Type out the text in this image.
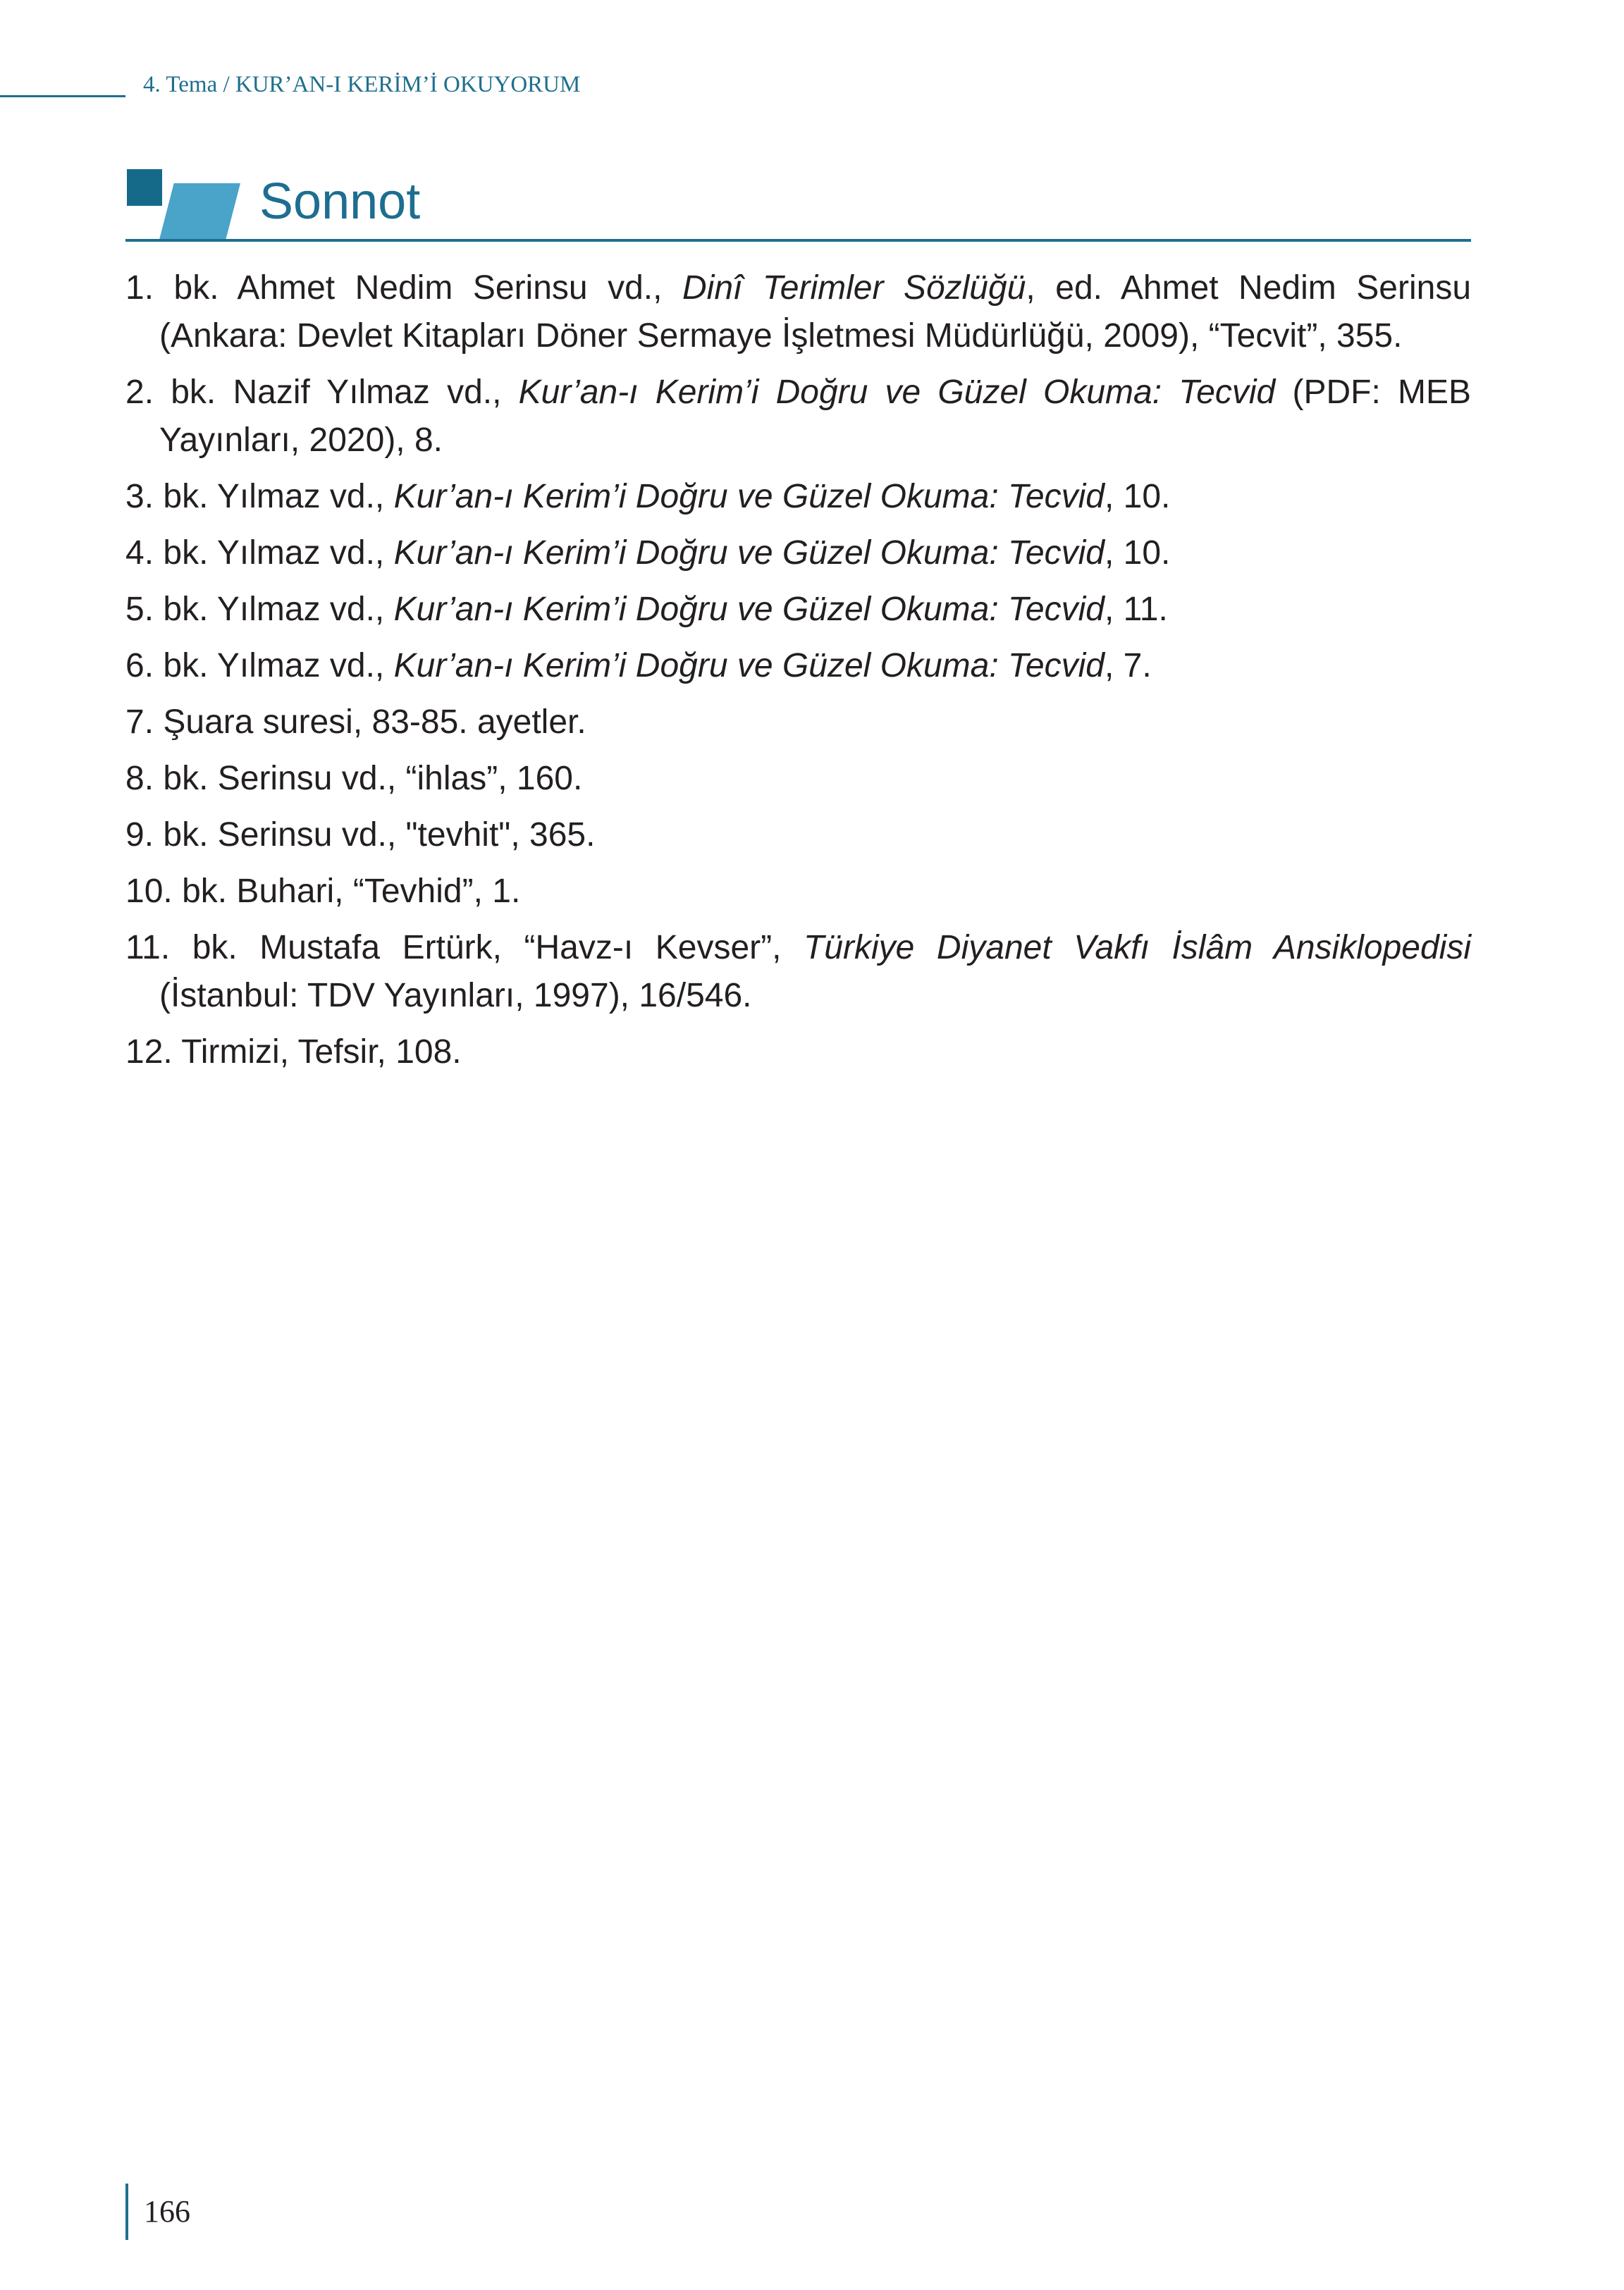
4. Tema / KUR’AN-I KERİM’İ OKUYORUM
Sonnot
1. bk. Ahmet Nedim Serinsu vd., Dinî Terimler Sözlüğü, ed. Ahmet Nedim Serinsu (Ankara: Devlet Kitapları Döner Sermaye İşletmesi Müdürlüğü, 2009), “Tecvit”, 355.
2. bk. Nazif Yılmaz vd., Kur’an-ı Kerim’i Doğru ve Güzel Okuma: Tecvid (PDF: MEB Yayınları, 2020), 8.
3. bk. Yılmaz vd., Kur’an-ı Kerim’i Doğru ve Güzel Okuma: Tecvid, 10.
4. bk. Yılmaz vd., Kur’an-ı Kerim’i Doğru ve Güzel Okuma: Tecvid, 10.
5. bk. Yılmaz vd., Kur’an-ı Kerim’i Doğru ve Güzel Okuma: Tecvid, 11.
6. bk. Yılmaz vd., Kur’an-ı Kerim’i Doğru ve Güzel Okuma: Tecvid, 7.
7. Şuara suresi, 83-85. ayetler.
8. bk. Serinsu vd., “ihlas”, 160.
9. bk. Serinsu vd., "tevhit", 365.
10. bk. Buhari, “Tevhid”, 1.
11. bk. Mustafa Ertürk, “Havz-ı Kevser”, Türkiye Diyanet Vakfı İslâm Ansiklopedisi (İstanbul: TDV Yayınları, 1997), 16/546.
12. Tirmizi, Tefsir, 108.
166
